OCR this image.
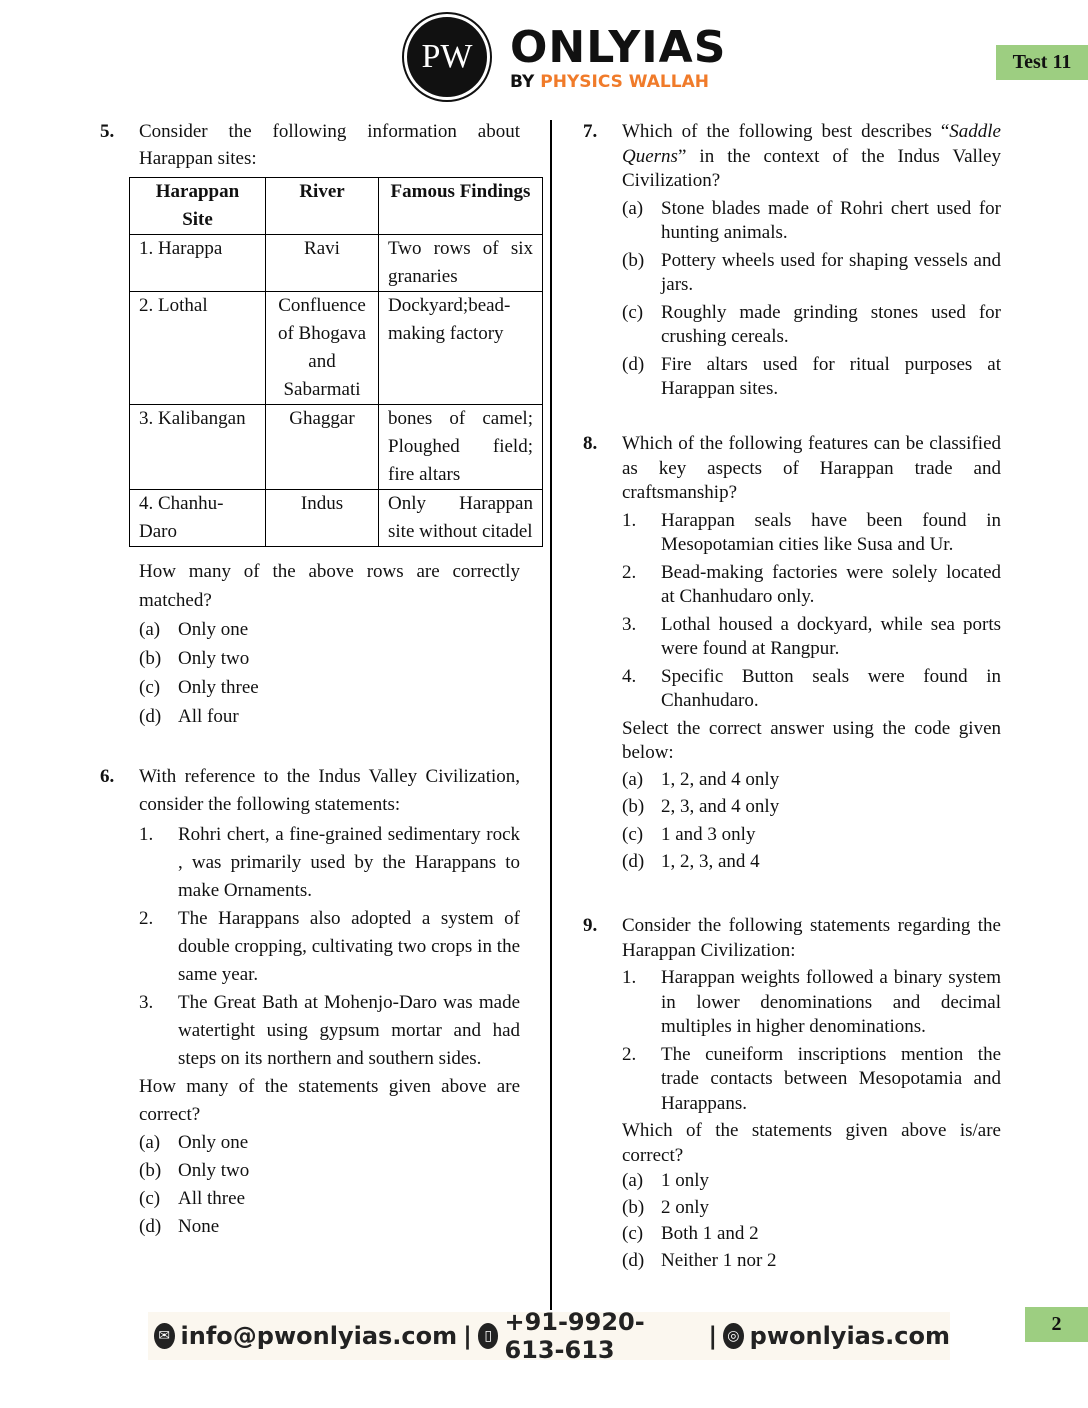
PW ONLYIAS
BY PHYSICS WALLAH
Test 11
5. Consider the following information about Harappan sites:
Harappan Site	River	Famous Findings
1. Harappa	Ravi	Two rows of six granaries
2. Lothal	Confluence of Bhogava and Sabarmati	Dockyard;bead-making factory
3. Kalibangan	Ghaggar	bones of camel; Ploughed field; fire altars
4. Chanhu-Daro	Indus	Only Harappan site without citadel
How many of the above rows are correctly matched?
(a) Only one
(b) Only two
(c) Only three
(d) All four
6. With reference to the Indus Valley Civilization, consider the following statements:
1.	Rohri chert, a fine-grained sedimentary rock , was primarily used by the Harappans to make Ornaments.
2.	The Harappans also adopted a system of double cropping, cultivating two crops in the same year.
3.	The Great Bath at Mohenjo-Daro was made watertight using gypsum mortar and had steps on its northern and southern sides.
How many of the statements given above are correct?
(a) Only one
(b) Only two
(c) All three
(d) None
7. Which of the following best describes “Saddle Querns” in the context of the Indus Valley Civilization?
(a) Stone blades made of Rohri chert used for hunting animals.
(b) Pottery wheels used for shaping vessels and jars.
(c) Roughly made grinding stones used for crushing cereals.
(d) Fire altars used for ritual purposes at Harappan sites.
8. Which of the following features can be classified as key aspects of Harappan trade and craftsmanship?
1.	Harappan seals have been found in Mesopotamian cities like Susa and Ur.
2.	Bead-making factories were solely located at Chanhudaro only.
3.	Lothal housed a dockyard, while sea ports were found at Rangpur.
4.	Specific Button seals were found in Chanhudaro.
Select the correct answer using the code given below:
(a) 1, 2, and 4 only
(b) 2, 3, and 4 only
(c) 1 and 3 only
(d) 1, 2, 3, and 4
9. Consider the following statements regarding the Harappan Civilization:
1.	Harappan weights followed a binary system in lower denominations and decimal multiples in higher denominations.
2.	The cuneiform inscriptions mention the trade contacts between Mesopotamia and Harappans.
Which of the statements given above is/are correct?
(a) 1 only
(b) 2 only
(c) Both 1 and 2
(d) Neither 1 nor 2
✉ info@pwonlyias.com | ▯ +91-9920-613-613	| ◎ pwonlyias.com	2
